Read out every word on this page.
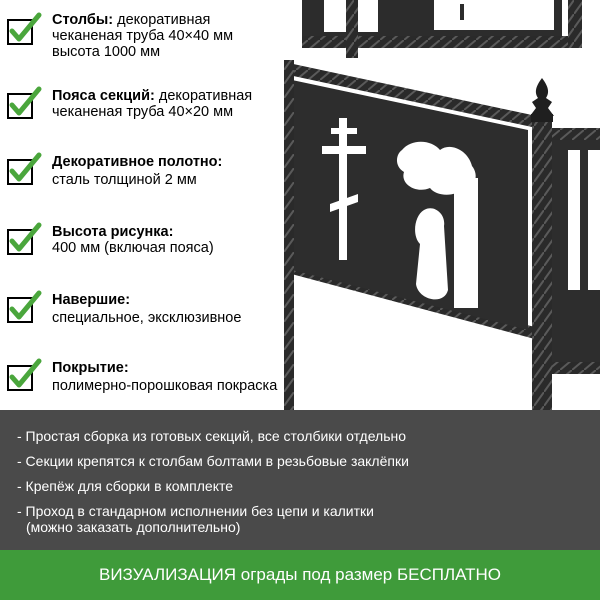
Столбы: декоративная
чеканеная труба 40×40 мм
высота 1000 мм
Пояса секций: декоративная
чеканеная труба 40×20 мм
Декоративное полотно:
сталь толщиной 2 мм
Высота рисунка:
400 мм (включая пояса)
Навершие:
специальное, эксклюзивное
Покрытие:
полимерно-порошковая покраска
- Простая сборка из готовых секций, все столбики отдельно
- Секции крепятся к столбам болтами в резьбовые заклёпки
- Крепёж для сборки в комплекте
- Проход в стандарном исполнении без цепи и калитки
(можно заказать дополнительно)
ВИЗУАЛИЗАЦИЯ ограды под размер БЕСПЛАТНО
